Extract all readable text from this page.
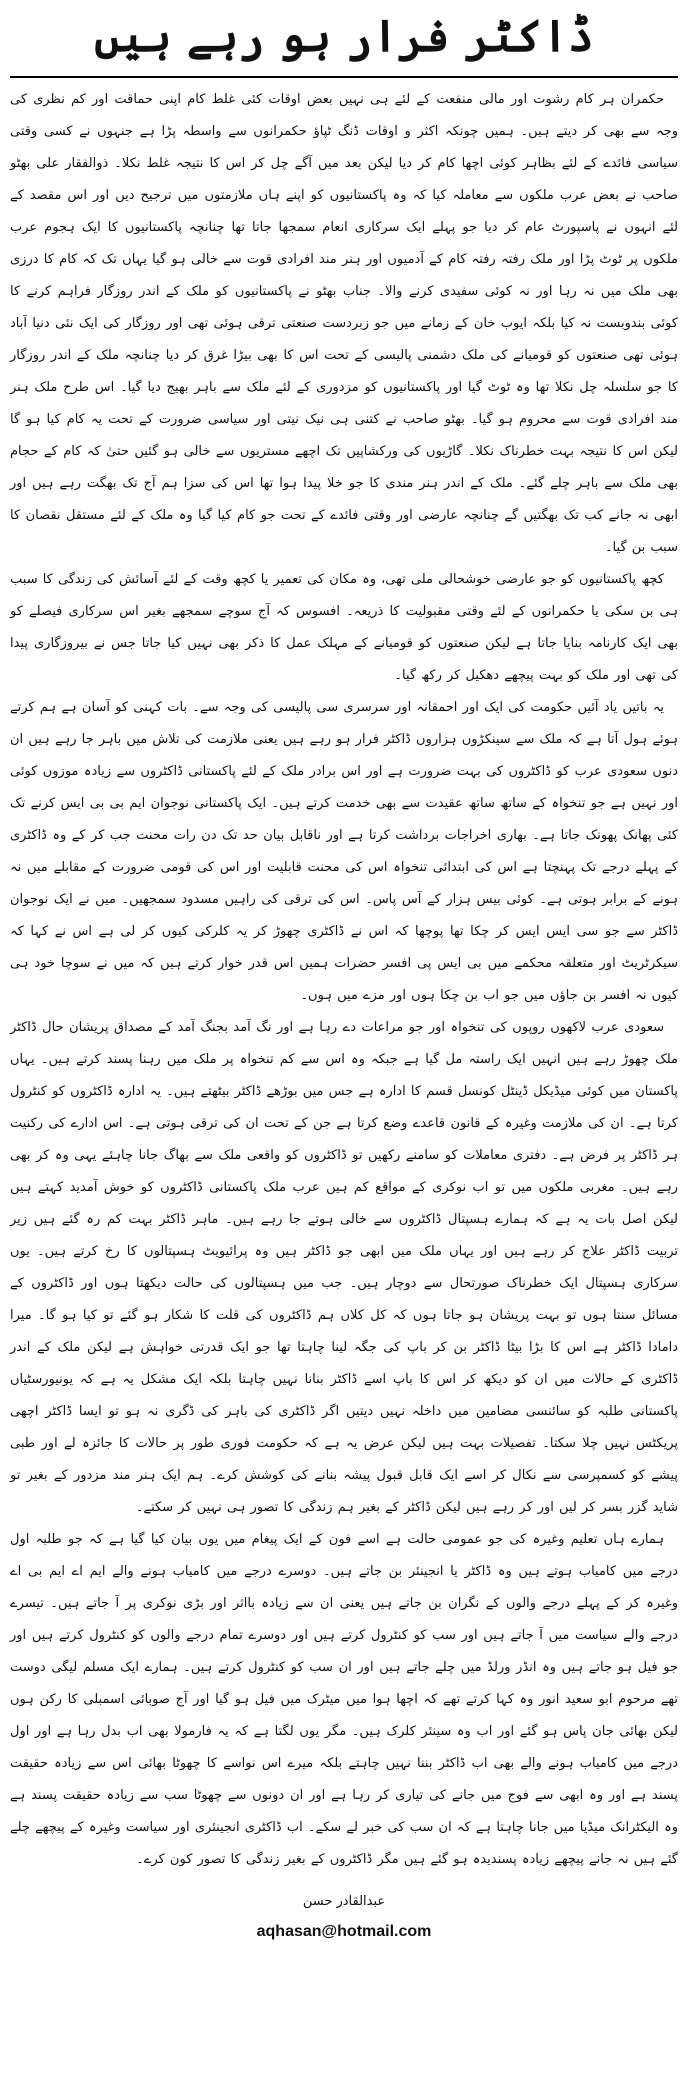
ڈاکٹر فرار ہو رہے ہیں

حکمران ہر کام رشوت اور مالی منفعت کے لئے ہی نہیں بعض اوقات کئی غلط کام اپنی حماقت اور کم نظری کی وجہ سے بھی کر دیتے ہیں۔ ہمیں چونکہ اکثر و اوقات ڈنگ ٹپاؤ حکمرانوں سے واسطہ پڑا ہے جنہوں نے کسی وقتی سیاسی فائدے کے لئے بظاہر کوئی اچھا کام کر دیا لیکن بعد میں آگے چل کر اس کا نتیجہ غلط نکلا۔ ذوالفقار علی بھٹو صاحب نے بعض عرب ملکوں سے معاملہ کیا کہ وہ پاکستانیوں کو اپنے ہاں ملازمتوں میں ترجیح دیں اور اس مقصد کے لئے انہوں نے پاسپورٹ عام کر دیا جو پہلے ایک سرکاری انعام سمجھا جاتا تھا چنانچہ پاکستانیوں کا ایک ہجوم عرب ملکوں پر ٹوٹ پڑا اور ملک رفتہ رفتہ کام کے آدمیوں اور ہنر مند افرادی قوت سے خالی ہو گیا یہاں تک کہ کام کا درزی بھی ملک میں نہ رہا اور نہ کوئی سفیدی کرنے والا۔ جناب بھٹو نے پاکستانیوں کو ملک کے اندر روزگار فراہم کرنے کا کوئی بندوبست نہ کیا بلکہ ایوب خان کے زمانے میں جو زبردست صنعتی ترقی ہوئی تھی اور روزگار کی ایک نئی دنیا آباد ہوئی تھی صنعتوں کو قومیانے کی ملک دشمنی پالیسی کے تحت اس کا بھی بیڑا غرق کر دیا چنانچہ ملک کے اندر روزگار کا جو سلسلہ چل نکلا تھا وہ ٹوٹ گیا اور پاکستانیوں کو مزدوری کے لئے ملک سے باہر بھیج دیا گیا۔ اس طرح ملک ہنر مند افرادی قوت سے محروم ہو گیا۔ بھٹو صاحب نے کتنی ہی نیک نیتی اور سیاسی ضرورت کے تحت یہ کام کیا ہو گا لیکن اس کا نتیجہ بہت خطرناک نکلا۔ گاڑیوں کی ورکشاپیں تک اچھے مستریوں سے خالی ہو گئیں حتیٰ کہ کام کے حجام بھی ملک سے باہر چلے گئے۔ ملک کے اندر ہنر مندی کا جو خلا پیدا ہوا تھا اس کی سزا ہم آج تک بھگت رہے ہیں اور ابھی نہ جانے کب تک بھگتیں گے چنانچہ عارضی اور وقتی فائدے کے تحت جو کام کیا گیا وہ ملک کے لئے مستقل نقصان کا سبب بن گیا۔

کچھ پاکستانیوں کو جو عارضی خوشحالی ملی تھی، وہ مکان کی تعمیر یا کچھ وقت کے لئے آسائش کی زندگی کا سبب ہی بن سکی یا حکمرانوں کے لئے وقتی مقبولیت کا ذریعہ۔ افسوس کہ آج سوچے سمجھے بغیر اس سرکاری فیصلے کو بھی ایک کارنامہ بنایا جاتا ہے لیکن صنعتوں کو قومیانے کے مہلک عمل کا ذکر بھی نہیں کیا جاتا جس نے بیروزگاری پیدا کی تھی اور ملک کو بہت پیچھے دھکیل کر رکھ گیا۔

یہ باتیں یاد آئیں حکومت کی ایک اور احمقانہ اور سرسری سی پالیسی کی وجہ سے۔ بات کہنی کو آسان ہے ہم کرتے ہوئے ہول آتا ہے کہ ملک سے سینکڑوں ہزاروں ڈاکٹر فرار ہو رہے ہیں یعنی ملازمت کی تلاش میں باہر جا رہے ہیں ان دنوں سعودی عرب کو ڈاکٹروں کی بہت ضرورت ہے اور اس برادر ملک کے لئے پاکستانی ڈاکٹروں سے زیادہ موزوں کوئی اور نہیں ہے جو تنخواہ کے ساتھ ساتھ عقیدت سے بھی خدمت کرتے ہیں۔ ایک پاکستانی نوجوان ایم بی بی ایس کرنے تک کئی پھانک پھونک جاتا ہے۔ بھاری اخراجات برداشت کرتا ہے اور ناقابل بیان حد تک دن رات محنت جب کر کے وہ ڈاکٹری کے پہلے درجے تک پہنچتا ہے اس کی ابتدائی تنخواہ اس کی محنت قابلیت اور اس کی قومی ضرورت کے مقابلے میں نہ ہونے کے برابر ہوتی ہے۔ کوئی بیس ہزار کے آس پاس۔ اس کی ترقی کی راہیں مسدود سمجھیں۔ میں نے ایک نوجوان ڈاکٹر سے جو سی ایس ایس کر چکا تھا پوچھا کہ اس نے ڈاکٹری چھوڑ کر یہ کلرکی کیوں کر لی ہے اس نے کہا کہ سیکرٹریٹ اور متعلقہ محکمے میں بی ایس پی افسر حضرات ہمیں اس قدر خوار کرتے ہیں کہ میں نے سوچا خود ہی کیوں نہ افسر بن جاؤں میں جو اب بن چکا ہوں اور مزے میں ہوں۔

سعودی عرب لاکھوں روپوں کی تنخواہ اور جو مراعات دے رہا ہے اور نگ آمد بجنگ آمد کے مصداق پریشان حال ڈاکٹر ملک چھوڑ رہے ہیں انہیں ایک راستہ مل گیا ہے جبکہ وہ اس سے کم تنخواہ پر ملک میں رہنا پسند کرتے ہیں۔ یہاں پاکستان میں کوئی میڈیکل ڈینٹل کونسل قسم کا ادارہ ہے جس میں بوڑھے ڈاکٹر بیٹھتے ہیں۔ یہ ادارہ ڈاکٹروں کو کنٹرول کرتا ہے۔ ان کی ملازمت وغیرہ کے قانون قاعدے وضع کرتا ہے جن کے تحت ان کی ترقی ہوتی ہے۔ اس ادارے کی رکنیت ہر ڈاکٹر پر فرض ہے۔ دفتری معاملات کو سامنے رکھیں تو ڈاکٹروں کو واقعی ملک سے بھاگ جانا چاہئے یہی وہ کر بھی رہے ہیں۔ مغربی ملکوں میں تو اب نوکری کے مواقع کم ہیں عرب ملک پاکستانی ڈاکٹروں کو خوش آمدید کہتے ہیں لیکن اصل بات یہ ہے کہ ہمارے ہسپتال ڈاکٹروں سے خالی ہوتے جا رہے ہیں۔ ماہر ڈاکٹر بہت کم رہ گئے ہیں زیر تربیت ڈاکٹر علاج کر رہے ہیں اور یہاں ملک میں ابھی جو ڈاکٹر ہیں وہ پرائیویٹ ہسپتالوں کا رخ کرتے ہیں۔ یوں سرکاری ہسپتال ایک خطرناک صورتحال سے دوچار ہیں۔ جب میں ہسپتالوں کی حالت دیکھتا ہوں اور ڈاکٹروں کے مسائل سنتا ہوں تو بہت پریشان ہو جاتا ہوں کہ کل کلاں ہم ڈاکٹروں کی قلت کا شکار ہو گئے تو کیا ہو گا۔ میرا دامادا ڈاکٹر ہے اس کا بڑا بیٹا ڈاکٹر بن کر باپ کی جگہ لینا چاہتا تھا جو ایک قدرتی خواہش ہے لیکن ملک کے اندر ڈاکٹری کے حالات میں ان کو دیکھ کر اس کا باپ اسے ڈاکٹر بنانا نہیں چاہتا بلکہ ایک مشکل یہ ہے کہ یونیورسٹیاں پاکستانی طلبہ کو سائنسی مضامین میں داخلہ نہیں دیتیں اگر ڈاکٹری کی باہر کی ڈگری نہ ہو تو ایسا ڈاکٹر اچھی پریکٹس نہیں چلا سکتا۔ تفصیلات بہت ہیں لیکن عرض یہ ہے کہ حکومت فوری طور پر حالات کا جائزہ لے اور طبی پیشے کو کسمپرسی سے نکال کر اسے ایک قابل قبول پیشہ بنانے کی کوشش کرے۔ ہم ایک ہنر مند مزدور کے بغیر تو شاید گزر بسر کر لیں اور کر رہے ہیں لیکن ڈاکٹر کے بغیر ہم زندگی کا تصور ہی نہیں کر سکتے۔

ہمارے ہاں تعلیم وغیرہ کی جو عمومی حالت ہے اسے فون کے ایک پیغام میں یوں بیان کیا گیا ہے کہ جو طلبہ اول درجے میں کامیاب ہوتے ہیں وہ ڈاکٹر یا انجینئر بن جاتے ہیں۔ دوسرے درجے میں کامیاب ہونے والے ایم اے ایم بی اے وغیرہ کر کے پہلے درجے والوں کے نگران بن جاتے ہیں یعنی ان سے زیادہ بااثر اور بڑی نوکری پر آ جاتے ہیں۔ تیسرے درجے والے سیاست میں آ جاتے ہیں اور سب کو کنٹرول کرتے ہیں اور دوسرے تمام درجے والوں کو کنٹرول کرتے ہیں اور جو فیل ہو جاتے ہیں وہ انڈر ورلڈ میں چلے جاتے ہیں اور ان سب کو کنٹرول کرتے ہیں۔ ہمارے ایک مسلم لیگی دوست تھے مرحوم ابو سعید انور وہ کہا کرتے تھے کہ اچھا ہوا میں میٹرک میں فیل ہو گیا اور آج صوبائی اسمبلی کا رکن ہوں لیکن بھائی جان پاس ہو گئے اور اب وہ سینئر کلرک ہیں۔ مگر یوں لگتا ہے کہ یہ فارمولا بھی اب بدل رہا ہے اور اول درجے میں کامیاب ہونے والے بھی اب ڈاکٹر بننا نہیں چاہتے بلکہ میرے اس نواسے کا چھوٹا بھائی اس سے زیادہ حقیقت پسند ہے اور وہ ابھی سے فوج میں جانے کی تیاری کر رہا ہے اور ان دونوں سے چھوٹا سب سے زیادہ حقیقت پسند ہے وہ الیکٹرانک میڈیا میں جانا چاہتا ہے کہ ان سب کی خبر لے سکے۔ اب ڈاکٹری انجینئری اور سیاست وغیرہ کے پیچھے چلے گئے ہیں نہ جانے پیچھے زیادہ پسندیدہ ہو گئے ہیں مگر ڈاکٹروں کے بغیر زندگی کا تصور کون کرے۔

عبدالقادر حسن
aqhasan@hotmail.com
